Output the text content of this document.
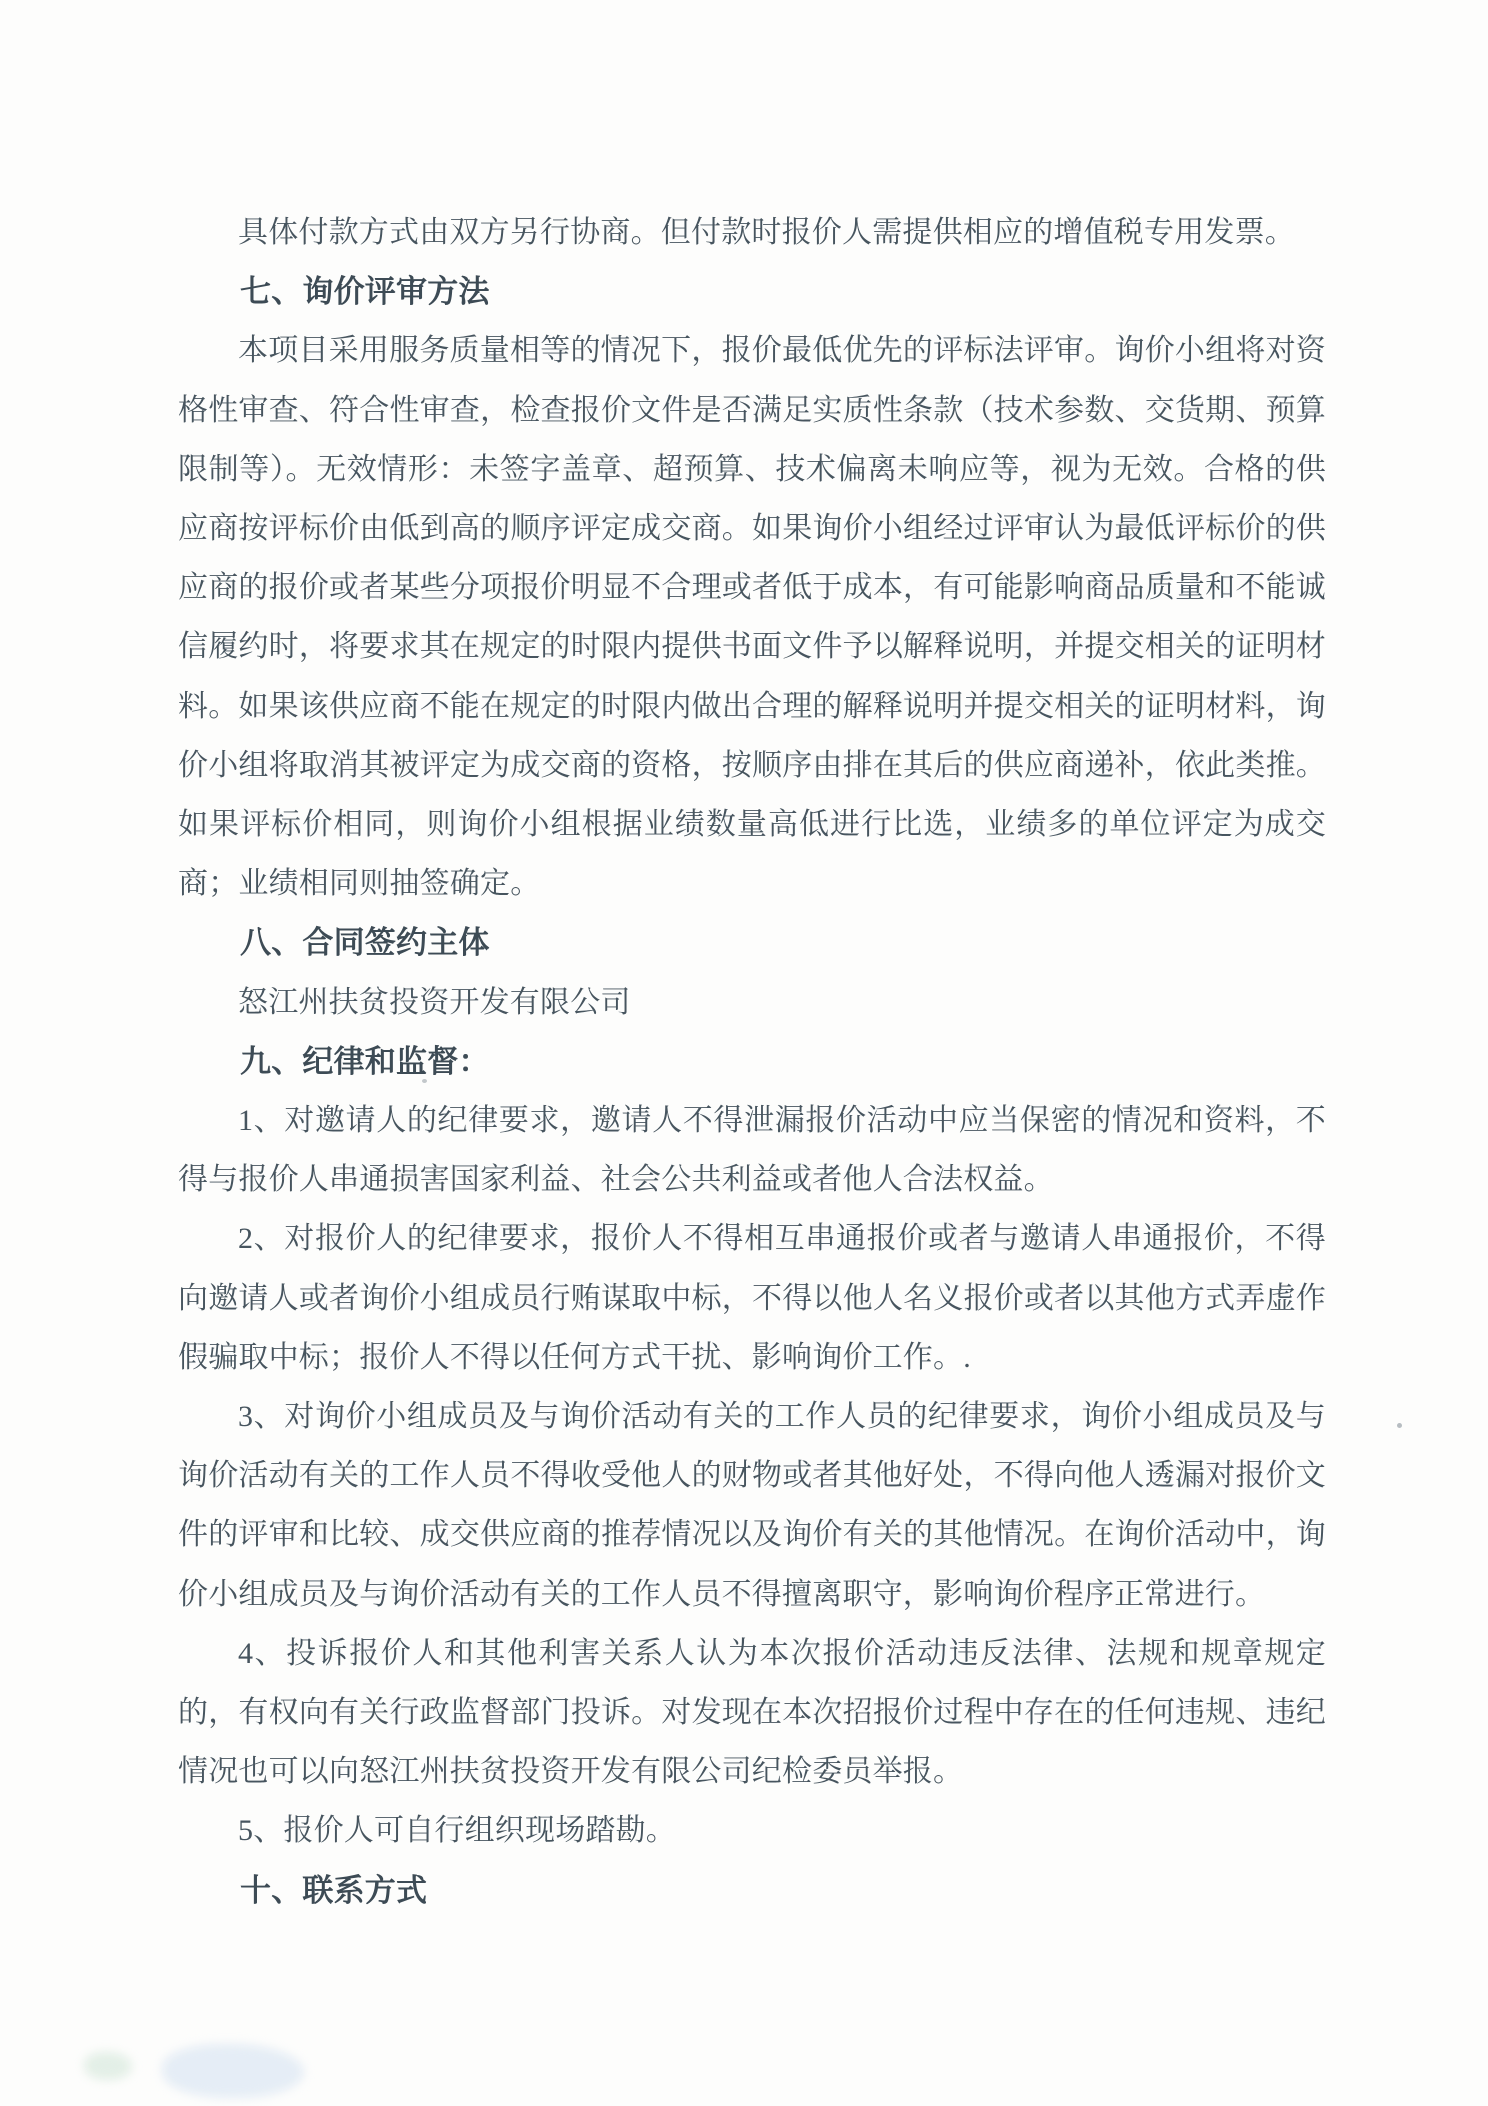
具体付款方式由双方另行协商。但付款时报价人需提供相应的增值税专用发票。

七、询价评审方法

本项目采用服务质量相等的情况下，报价最低优先的评标法评审。询价小组将对资格性审查、符合性审查，检查报价文件是否满足实质性条款（技术参数、交货期、预算限制等）。无效情形：未签字盖章、超预算、技术偏离未响应等，视为无效。合格的供应商按评标价由低到高的顺序评定成交商。如果询价小组经过评审认为最低评标价的供应商的报价或者某些分项报价明显不合理或者低于成本，有可能影响商品质量和不能诚信履约时，将要求其在规定的时限内提供书面文件予以解释说明，并提交相关的证明材料。如果该供应商不能在规定的时限内做出合理的解释说明并提交相关的证明材料，询价小组将取消其被评定为成交商的资格，按顺序由排在其后的供应商递补，依此类推。如果评标价相同，则询价小组根据业绩数量高低进行比选，业绩多的单位评定为成交商；业绩相同则抽签确定。

八、合同签约主体

怒江州扶贫投资开发有限公司

九、纪律和监督：

1、对邀请人的纪律要求，邀请人不得泄漏报价活动中应当保密的情况和资料，不得与报价人串通损害国家利益、社会公共利益或者他人合法权益。

2、对报价人的纪律要求，报价人不得相互串通报价或者与邀请人串通报价，不得向邀请人或者询价小组成员行贿谋取中标，不得以他人名义报价或者以其他方式弄虚作假骗取中标；报价人不得以任何方式干扰、影响询价工作。.

3、对询价小组成员及与询价活动有关的工作人员的纪律要求，询价小组成员及与询价活动有关的工作人员不得收受他人的财物或者其他好处，不得向他人透漏对报价文件的评审和比较、成交供应商的推荐情况以及询价有关的其他情况。在询价活动中，询价小组成员及与询价活动有关的工作人员不得擅离职守，影响询价程序正常进行。

4、投诉报价人和其他利害关系人认为本次报价活动违反法律、法规和规章规定的，有权向有关行政监督部门投诉。对发现在本次招报价过程中存在的任何违规、违纪情况也可以向怒江州扶贫投资开发有限公司纪检委员举报。

5、报价人可自行组织现场踏勘。

十、联系方式
